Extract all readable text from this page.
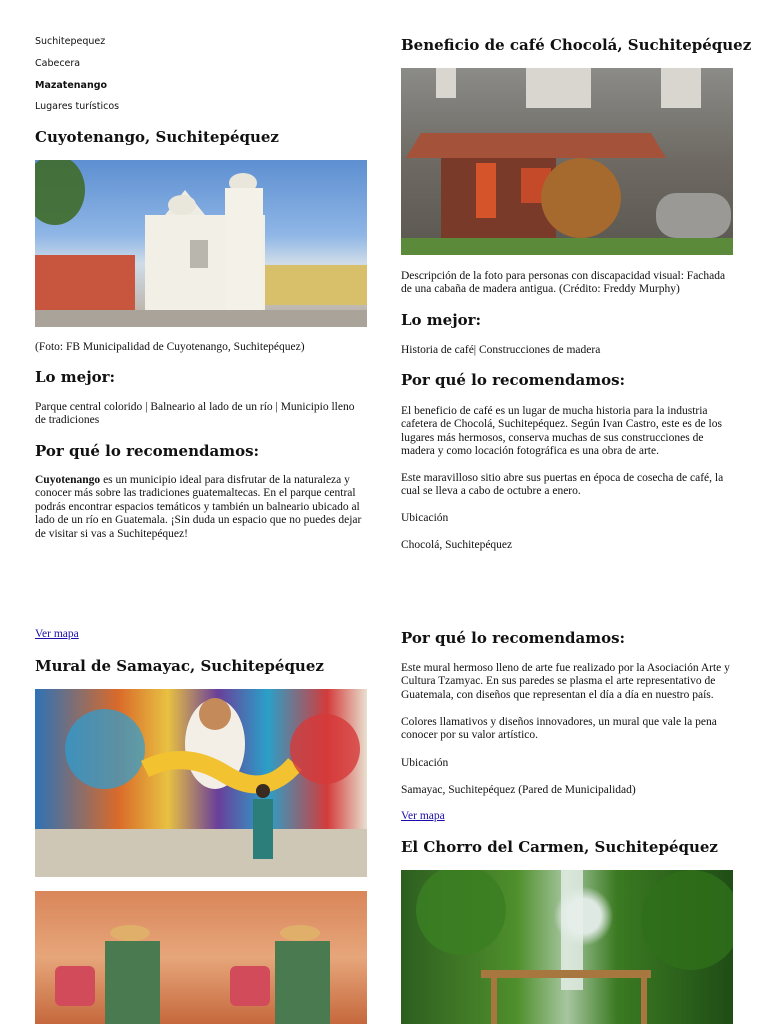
Suchitepequez
Cabecera
Mazatenango
Lugares turísticos
Cuyotenango, Suchitepéquez

(Foto: FB Municipalidad de Cuyotenango, Suchitepéquez)

Lo mejor:

Parque central colorido | Balneario al lado de un río | Municipio lleno de tradiciones

Por qué lo recomendamos:

Cuyotenango es un municipio ideal para disfrutar de la naturaleza y conocer más sobre las tradiciones guatemaltecas. En el parque central podrás encontrar espacios temáticos y también un balneario ubicado al lado de un río en Guatemala. ¡Sin duda un espacio que no puedes dejar de visitar si vas a Suchitepéquez!

Ver mapa
Mural de Samayac, Suchitepéquez
Beneficio de café Chocolá, Suchitepéquez

Descripción de la foto para personas con discapacidad visual: Fachada de una cabaña de madera antigua. (Crédito: Freddy Murphy)

Lo mejor:

Historia de café| Construcciones de madera

Por qué lo recomendamos:

El beneficio de café es un lugar de mucha historia para la industria cafetera de Chocolá, Suchitepéquez. Según Ivan Castro, este es de los lugares más hermosos, conserva muchas de sus construcciones de madera y como locación fotográfica es una obra de arte.

Este maravilloso sitio abre sus puertas en época de cosecha de café, la cual se lleva a cabo de octubre a enero.

Ubicación

Chocolá, Suchitepéquez

Por qué lo recomendamos:

Este mural hermoso lleno de arte fue realizado por la Asociación Arte y Cultura Tzamyac. En sus paredes se plasma el arte representativo de Guatemala, con diseños que representan el día a día en nuestro país.

Colores llamativos y diseños innovadores, un mural que vale la pena conocer por su valor artístico.

Ubicación

Samayac, Suchitepéquez (Pared de Municipalidad)

Ver mapa
El Chorro del Carmen, Suchitepéquez
